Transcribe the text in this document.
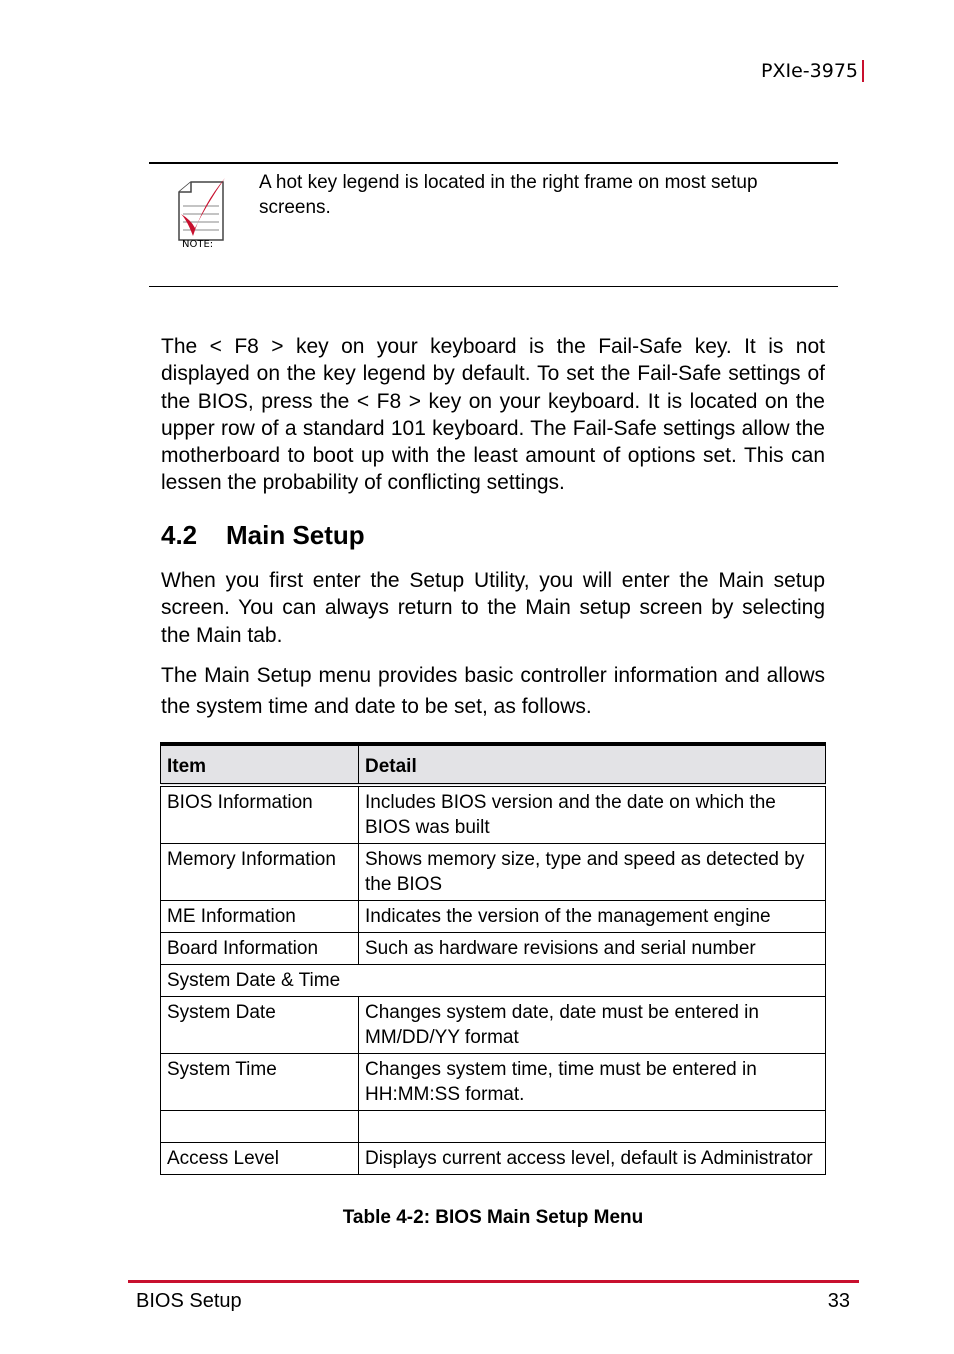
PXIe-3975
NOTE:
A hot key legend is located in the right frame on most setup screens.
The < F8 > key on your keyboard is the Fail-Safe key. It is not displayed on the key legend by default. To set the Fail-Safe settings of the BIOS, press the < F8 > key on your keyboard. It is located on the upper row of a standard 101 keyboard. The Fail-Safe settings allow the motherboard to boot up with the least amount of options set. This can lessen the probability of conflicting settings.
4.2 Main Setup
When you first enter the Setup Utility, you will enter the Main setup screen. You can always return to the Main setup screen by selecting the Main tab.
The Main Setup menu provides basic controller information and allows the system time and date to be set, as follows.
Item	Detail
BIOS Information	Includes BIOS version and the date on which the BIOS was built
Memory Information	Shows memory size, type and speed as detected by the BIOS
ME Information	Indicates the version of the management engine
Board Information	Such as hardware revisions and serial number
System Date & Time	
System Date	Changes system date, date must be entered in MM/DD/YY format
System Time	Changes system time, time must be entered in HH:MM:SS format.

Access Level	Displays current access level, default is Administrator
Table 4-2: BIOS Main Setup Menu
BIOS Setup	33
